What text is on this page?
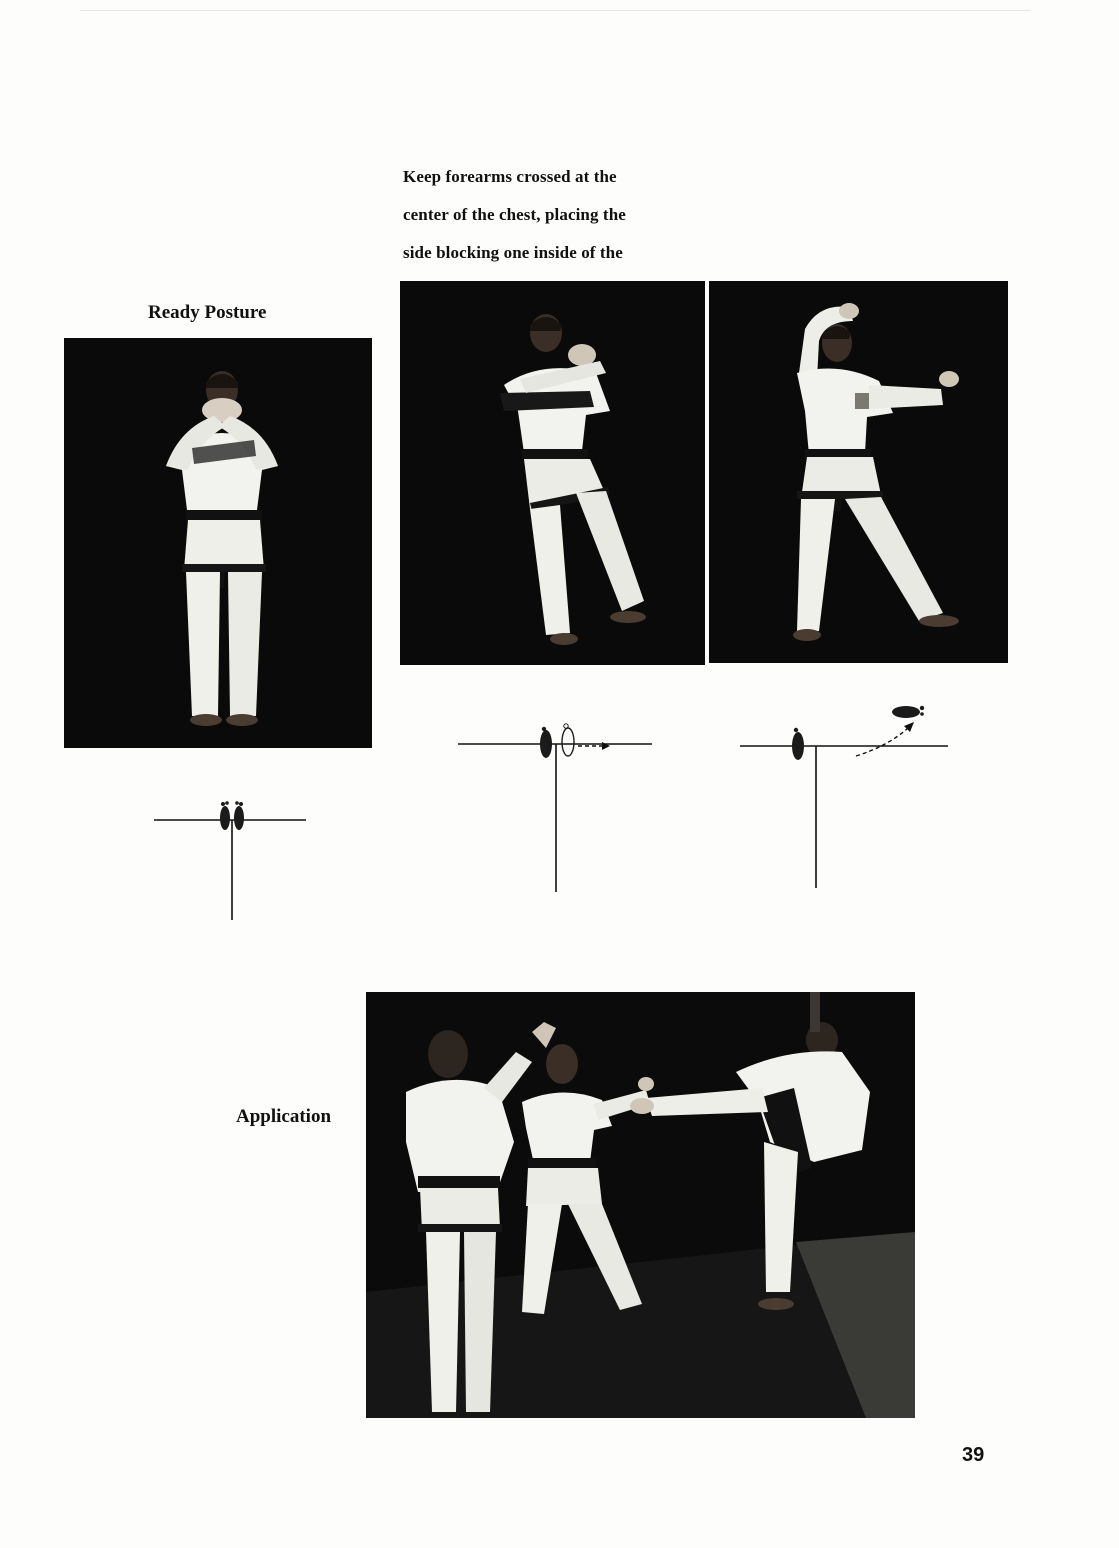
Keep forearms crossed at the

center of the chest, placing the

side blocking one inside of the

Ready Posture
Application
39
